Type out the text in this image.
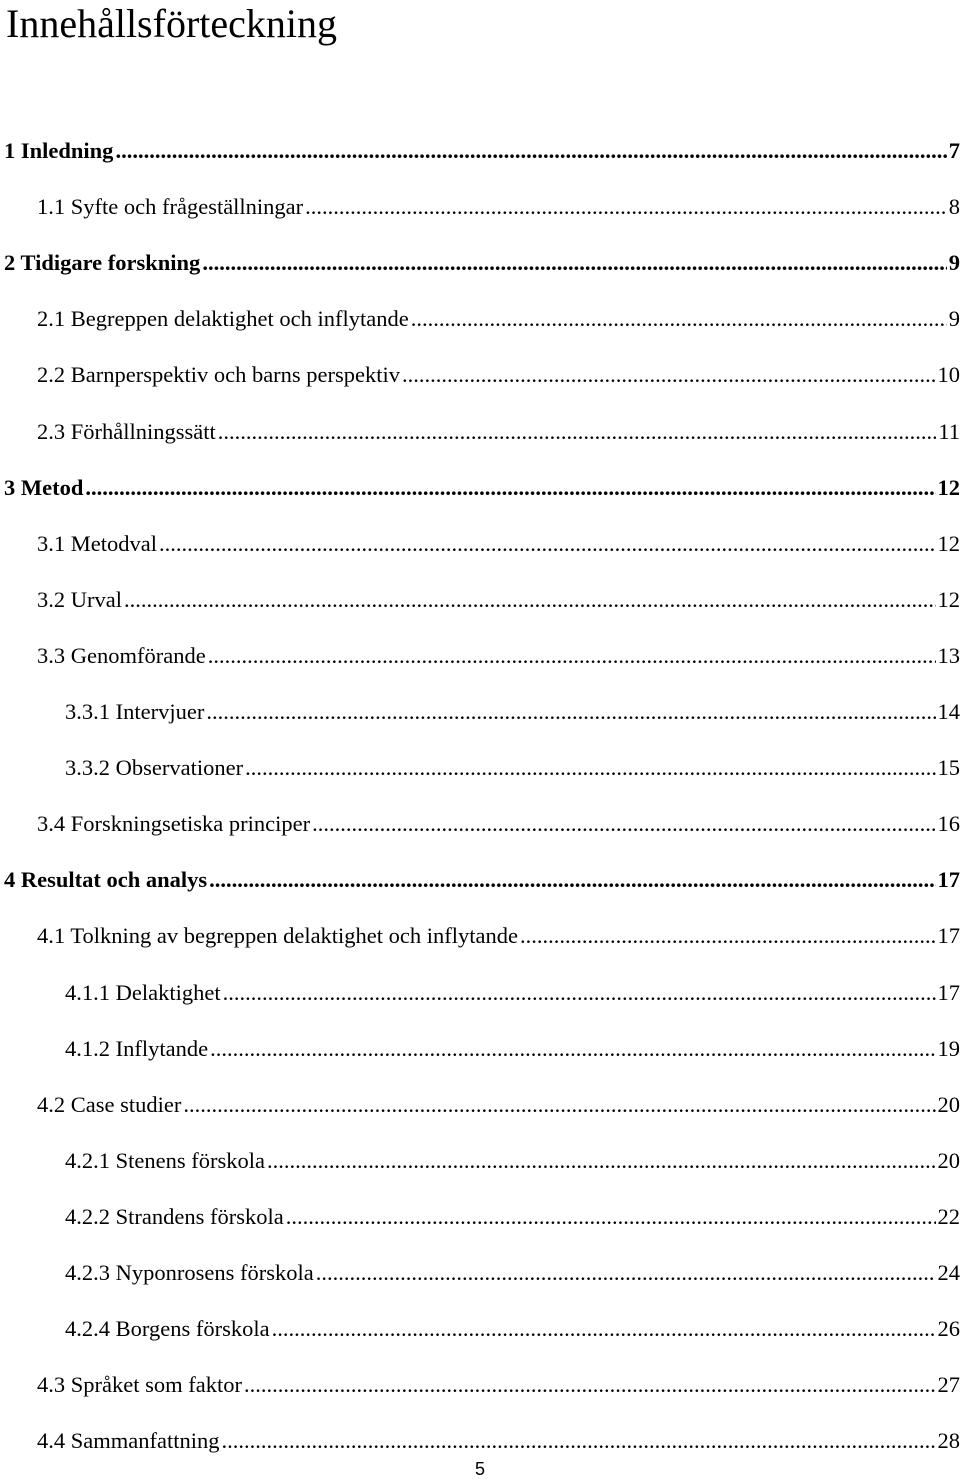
Innehållsförteckning
1 Inledning .....	7
1.1 Syfte och frågeställningar .....	8
2 Tidigare forskning .....	9
2.1 Begreppen delaktighet och inflytande .....	9
2.2 Barnperspektiv och barns perspektiv .....	10
2.3 Förhållningssätt .....	11
3 Metod .....	12
3.1 Metodval .....	12
3.2 Urval .....	12
3.3 Genomförande .....	13
3.3.1 Intervjuer .....	14
3.3.2 Observationer .....	15
3.4 Forskningsetiska principer .....	16
4 Resultat och analys .....	17
4.1 Tolkning av begreppen delaktighet och inflytande .....	17
4.1.1 Delaktighet .....	17
4.1.2 Inflytande .....	19
4.2 Case studier .....	20
4.2.1 Stenens förskola .....	20
4.2.2 Strandens förskola .....	22
4.2.3 Nyponrosens förskola .....	24
4.2.4 Borgens förskola .....	26
4.3 Språket som faktor .....	27
4.4 Sammanfattning .....	28
5
